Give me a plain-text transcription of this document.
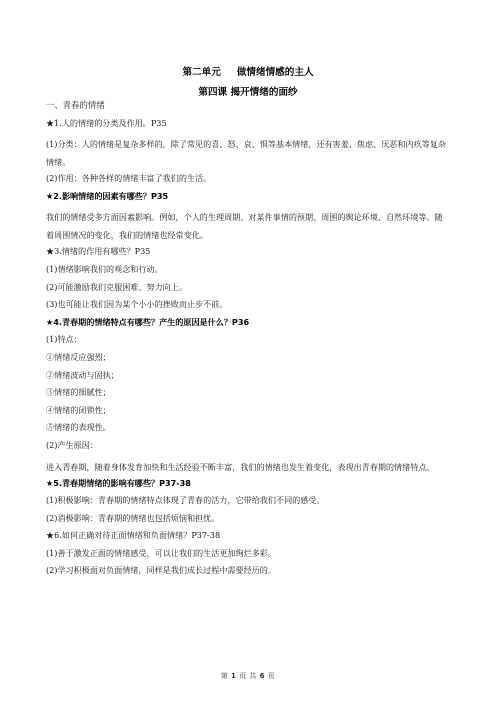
第二单元 做情绪情感的主人
第四课 揭开情绪的面纱
一、青春的情绪
★1.人的情绪的分类及作用。P35
(1)分类：人的情绪是复杂多样的，除了常见的喜、怒、哀、惧等基本情绪，还有害羞、焦虑、厌恶和内疚等复杂情绪。
(2)作用：各种各样的情绪丰富了我们的生活。
★2.影响情绪的因素有哪些？P35
我们的情绪受多方面因素影响。例如，个人的生理周期、对某件事情的预期、周围的舆论环境、自然环境等。随着周围情况的变化，我们的情绪也经常变化。
★3.情绪的作用有哪些？P35
(1)情绪影响我们的观念和行动。
(2)可能激励我们克服困难、努力向上。
(3)也可能让我们因为某个小小的挫败而止步不前。
★4.青春期的情绪特点有哪些？产生的原因是什么？P36
(1)特点：
①情绪反应强烈；
②情绪波动与固执；
③情绪的细腻性；
④情绪的闭锁性；
⑤情绪的表现性。
(2)产生原因：
进入青春期，随着身体发育加快和生活经验不断丰富，我们的情绪也发生着变化，表现出青春期的情绪特点。
★5.青春期情绪的影响有哪些？P37-38
(1)积极影响：青春期的情绪特点体现了青春的活力，它带给我们不同的感受。
(2)消极影响：青春期的情绪也包括烦恼和担忧。
★6.如何正确对待正面情绪和负面情绪？P37-38
(1)善于激发正面的情绪感受，可以让我们的生活更加绚烂多彩。
(2)学习积极面对负面情绪，同样是我们成长过程中需要经历的。
第 1 页 共 6 页
